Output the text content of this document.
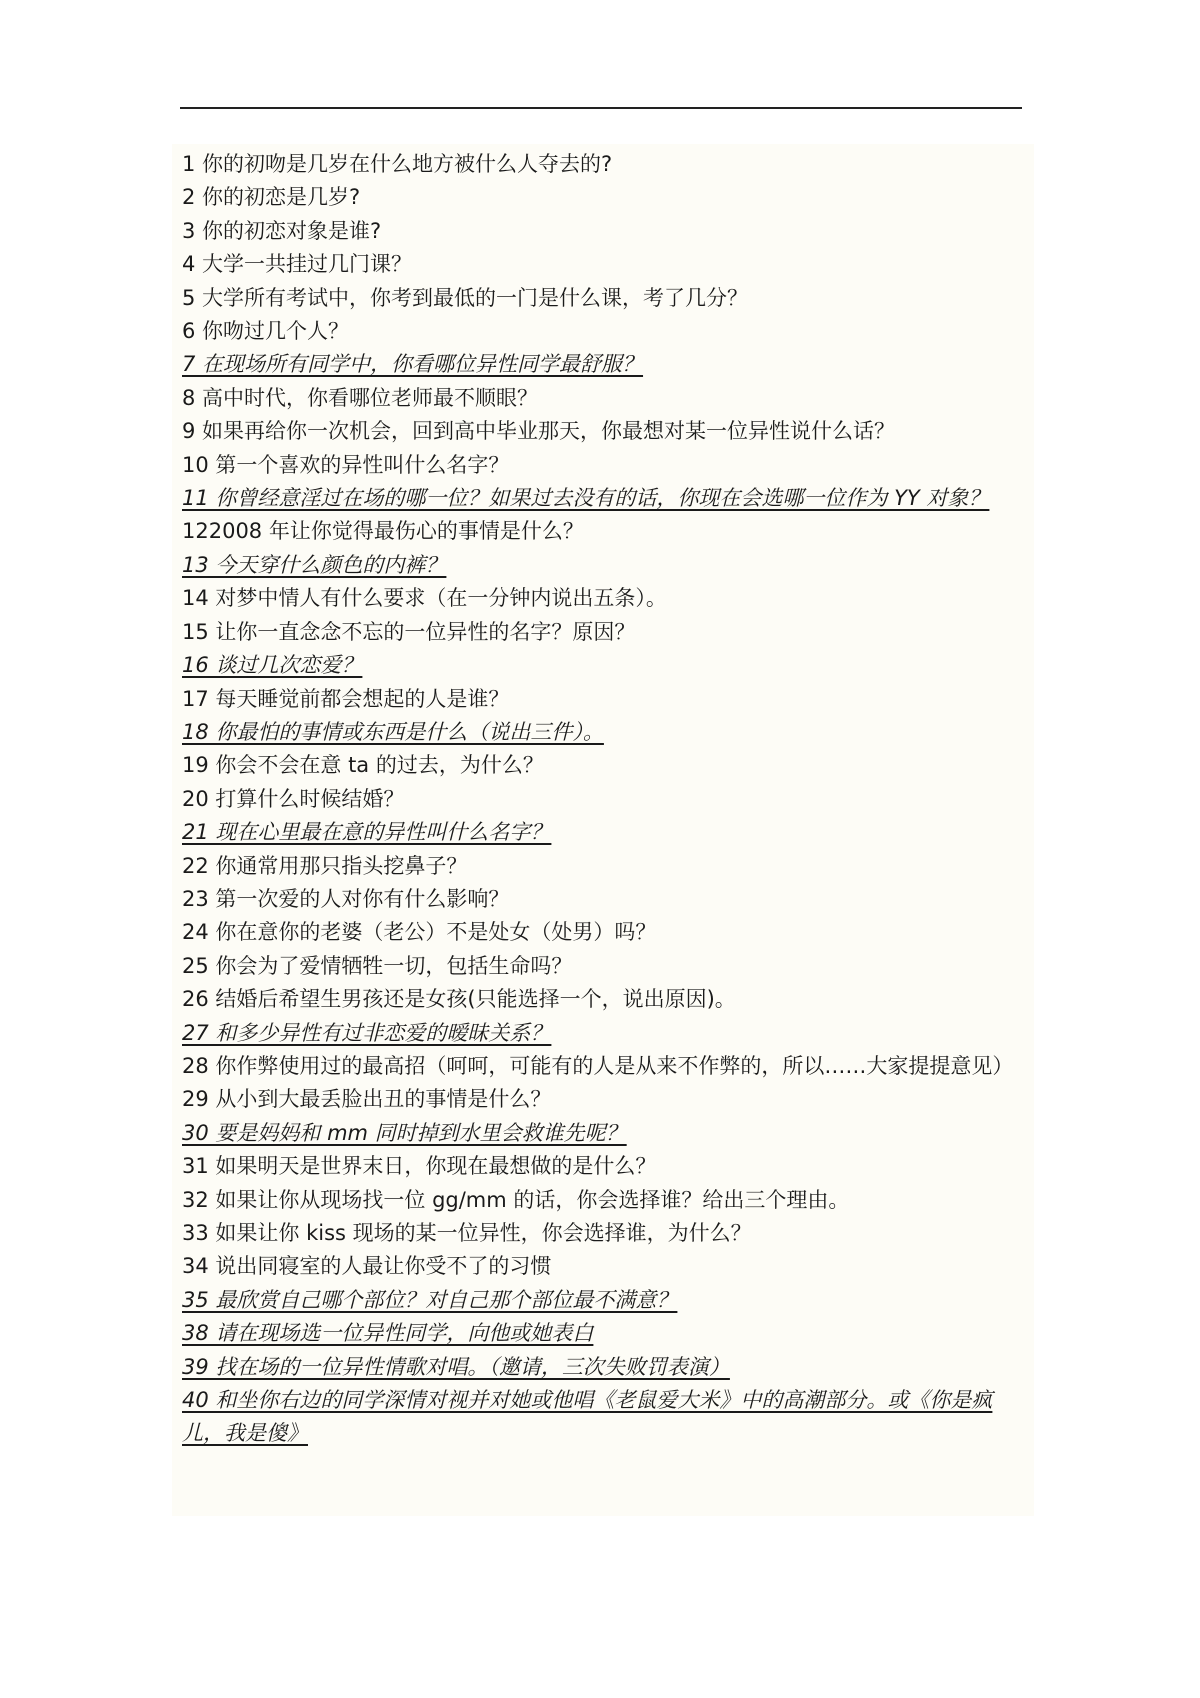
1 你的初吻是几岁在什么地方被什么人夺去的?
2 你的初恋是几岁?
3 你的初恋对象是谁?
4 大学一共挂过几门课？
5 大学所有考试中，你考到最低的一门是什么课，考了几分？
6 你吻过几个人？
7 在现场所有同学中，你看哪位异性同学最舒服？
8 高中时代，你看哪位老师最不顺眼？
9 如果再给你一次机会，回到高中毕业那天，你最想对某一位异性说什么话？
10 第一个喜欢的异性叫什么名字？
11 你曾经意淫过在场的哪一位？如果过去没有的话，你现在会选哪一位作为 YY 对象？
122008 年让你觉得最伤心的事情是什么？
13 今天穿什么颜色的内裤？
14 对梦中情人有什么要求（在一分钟内说出五条）。
15 让你一直念念不忘的一位异性的名字？原因？
16 谈过几次恋爱？
17 每天睡觉前都会想起的人是谁？
18 你最怕的事情或东西是什么（说出三件）。
19 你会不会在意 ta 的过去，为什么？
20 打算什么时候结婚？
21 现在心里最在意的异性叫什么名字？
22 你通常用那只指头挖鼻子？
23 第一次爱的人对你有什么影响？
24 你在意你的老婆（老公）不是处女（处男）吗？
25 你会为了爱情牺牲一切，包括生命吗？
26 结婚后希望生男孩还是女孩(只能选择一个，说出原因)。
27 和多少异性有过非恋爱的暧昧关系？
28 你作弊使用过的最高招（呵呵，可能有的人是从来不作弊的，所以……大家提提意见）
29 从小到大最丢脸出丑的事情是什么？
30 要是妈妈和 mm 同时掉到水里会救谁先呢？
31 如果明天是世界末日，你现在最想做的是什么？
32 如果让你从现场找一位 gg/mm 的话，你会选择谁？给出三个理由。
33 如果让你 kiss 现场的某一位异性，你会选择谁，为什么？
34 说出同寝室的人最让你受不了的习惯
35 最欣赏自己哪个部位？对自己那个部位最不满意？
38 请在现场选一位异性同学，向他或她表白
39 找在场的一位异性情歌对唱。（邀请，三次失败罚表演）
40 和坐你右边的同学深情对视并对她或他唱《老鼠爱大米》中的高潮部分。或《你是疯儿，我是傻》
